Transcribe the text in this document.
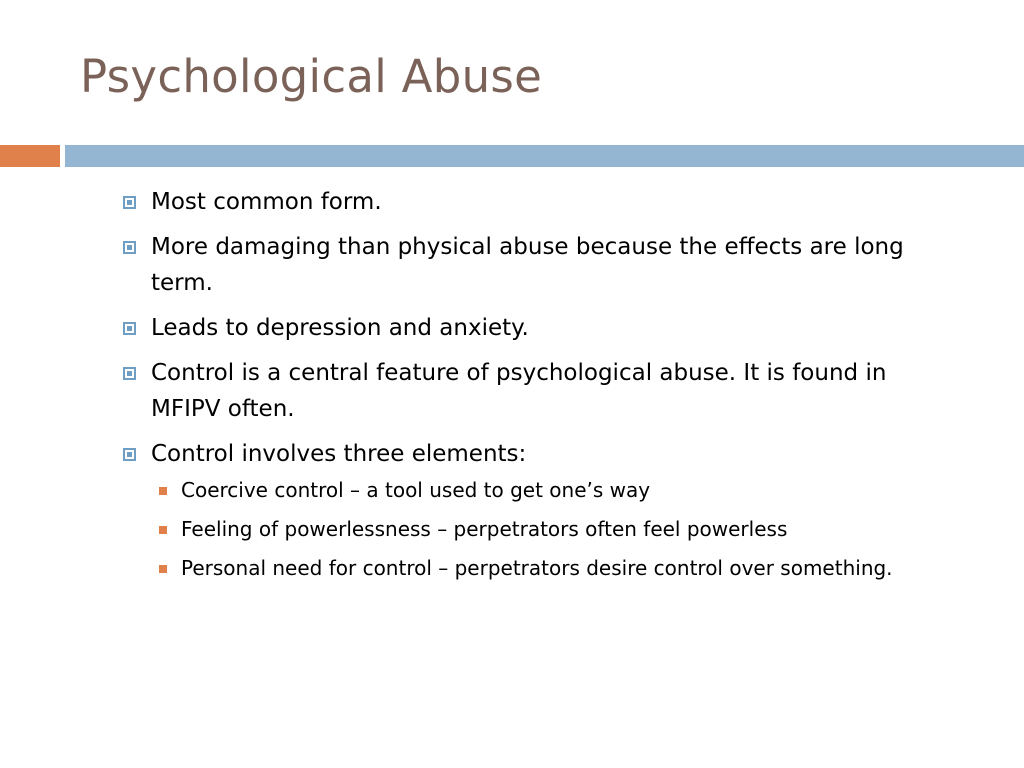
Psychological Abuse
Most common form.
More damaging than physical abuse because the effects are long term.
Leads to depression and anxiety.
Control is a central feature of psychological abuse. It is found in MFIPV often.
Control involves three elements:
Coercive control – a tool used to get one’s way
Feeling of powerlessness – perpetrators often feel powerless
Personal need for control – perpetrators desire control over something.
